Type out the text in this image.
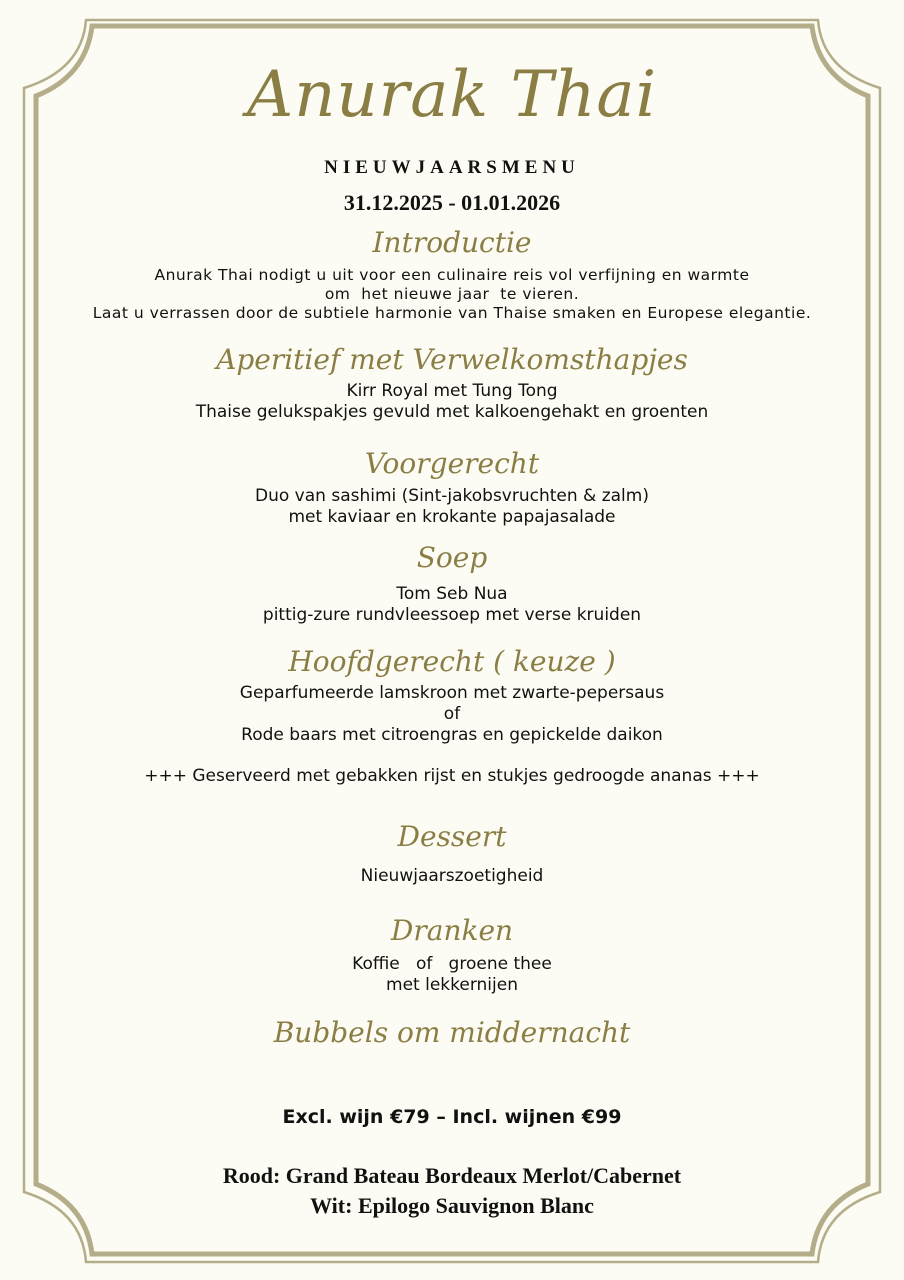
Anurak Thai
NIEUWJAARSMENU
31.12.2025 - 01.01.2026
Introductie
Anurak Thai nodigt u uit voor een culinaire reis vol verfijning en warmte
om  het nieuwe jaar  te vieren.
Laat u verrassen door de subtiele harmonie van Thaise smaken en Europese elegantie.
Aperitief met Verwelkomsthapjes
Kirr Royal met Tung Tong
Thaise gelukspakjes gevuld met kalkoengehakt en groenten
Voorgerecht
Duo van sashimi (Sint-jakobsvruchten & zalm)
met kaviaar en krokante papajasalade
Soep
Tom Seb Nua
pittig-zure rundvleessoep met verse kruiden
Hoofdgerecht ( keuze )
Geparfumeerde lamskroon met zwarte-pepersaus
of
Rode baars met citroengras en gepickelde daikon
+++ Geserveerd met gebakken rijst en stukjes gedroogde ananas +++
Dessert
Nieuwjaarszoetigheid
Dranken
Koffie   of   groene thee
met lekkernijen
Bubbels om middernacht
Excl. wijn €79 – Incl. wijnen €99
Rood: Grand Bateau Bordeaux Merlot/Cabernet
Wit: Epilogo Sauvignon Blanc
